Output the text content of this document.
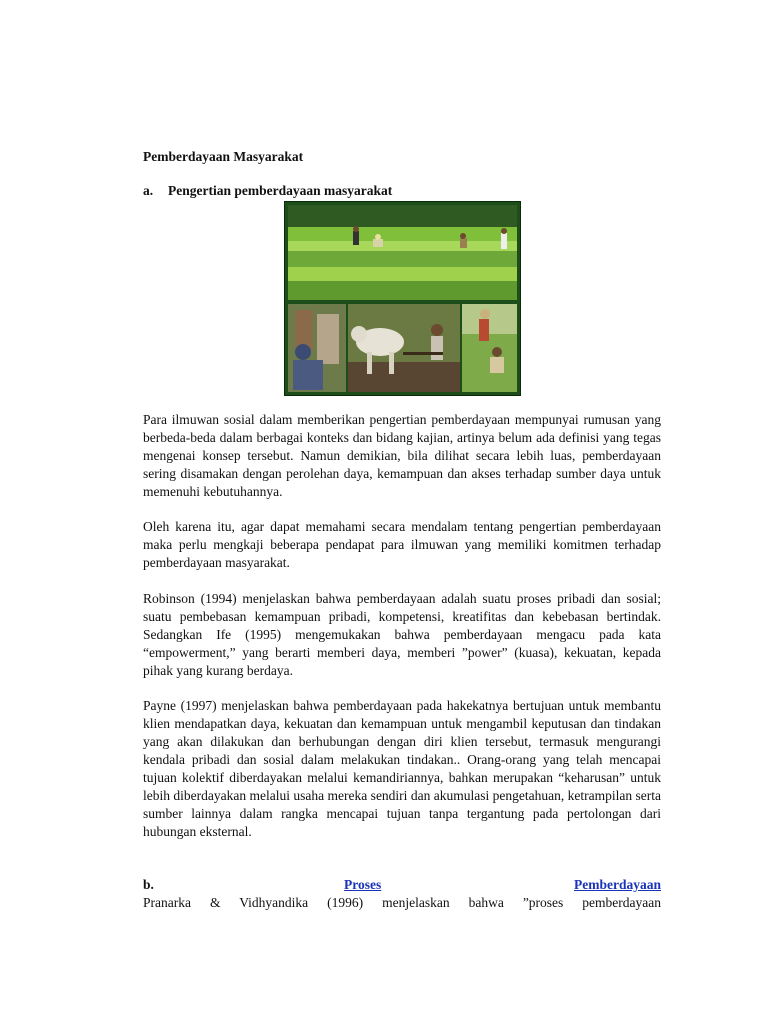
Pemberdayaan Masyarakat
a. Pengertian pemberdayaan masyarakat

Para ilmuwan sosial dalam memberikan pengertian pemberdayaan mempunyai rumusan yang berbeda-beda dalam berbagai konteks dan bidang kajian, artinya belum ada definisi yang tegas mengenai konsep tersebut. Namun demikian, bila dilihat secara lebih luas, pemberdayaan sering disamakan dengan perolehan daya, kemampuan dan akses terhadap sumber daya untuk memenuhi kebutuhannya.

Oleh karena itu, agar dapat memahami secara mendalam tentang pengertian pemberdayaan maka perlu mengkaji beberapa pendapat para ilmuwan yang memiliki komitmen terhadap pemberdayaan masyarakat.

Robinson (1994) menjelaskan bahwa pemberdayaan adalah suatu proses pribadi dan sosial; suatu pembebasan kemampuan pribadi, kompetensi, kreatifitas dan kebebasan bertindak. Sedangkan Ife (1995) mengemukakan bahwa pemberdayaan mengacu pada kata “empowerment,” yang berarti memberi daya, memberi ”power” (kuasa), kekuatan, kepada pihak yang kurang berdaya.

Payne (1997) menjelaskan bahwa pemberdayaan pada hakekatnya bertujuan untuk membantu klien mendapatkan daya, kekuatan dan kemampuan untuk mengambil keputusan dan tindakan yang akan dilakukan dan berhubungan dengan diri klien tersebut, termasuk mengurangi kendala pribadi dan sosial dalam melakukan tindakan.. Orang-orang yang telah mencapai tujuan kolektif diberdayakan melalui kemandiriannya, bahkan merupakan “keharusan” untuk lebih diberdayakan melalui usaha mereka sendiri dan akumulasi pengetahuan, ketrampilan serta sumber lainnya dalam rangka mencapai tujuan tanpa tergantung pada pertolongan dari hubungan eksternal.

b.	Proses	Pemberdayaan

Pranarka & Vidhyandika (1996) menjelaskan bahwa ”proses pemberdayaan
